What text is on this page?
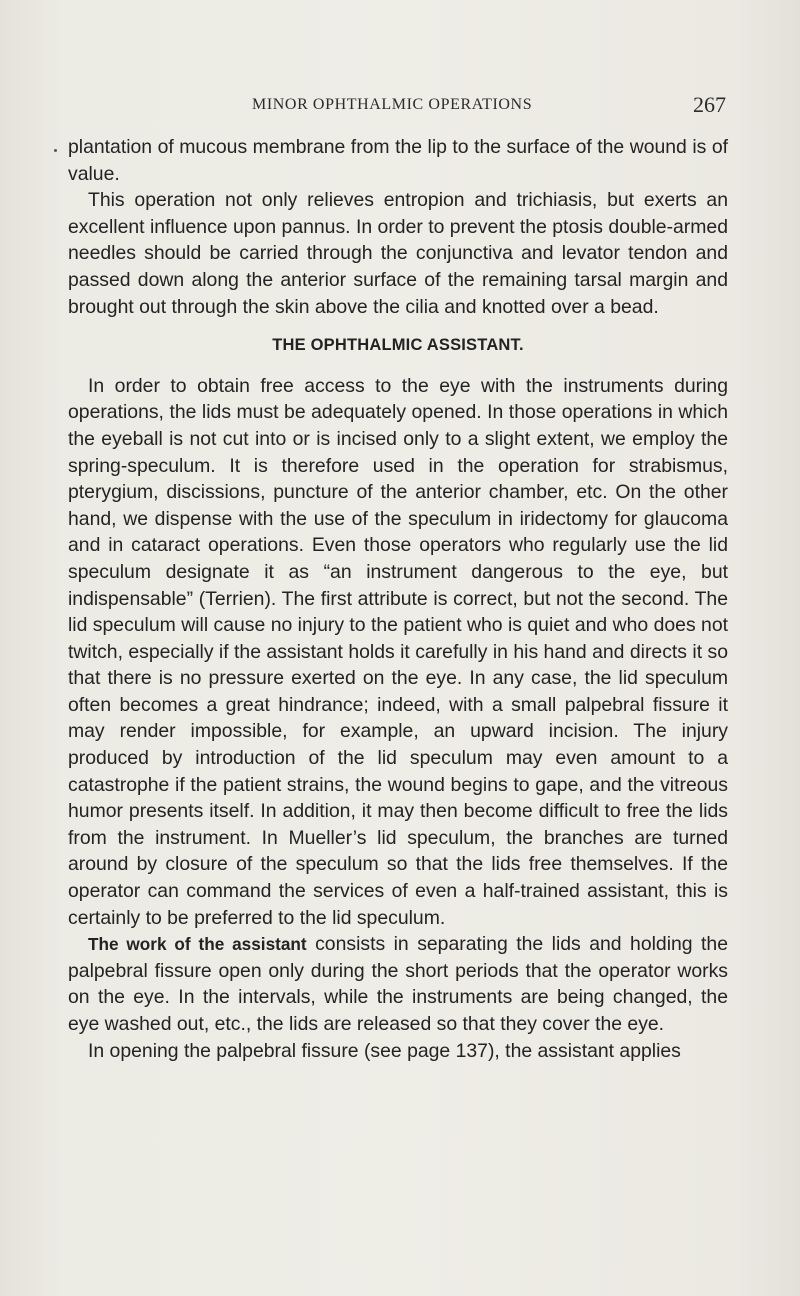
MINOR OPHTHALMIC OPERATIONS	267

plantation of mucous membrane from the lip to the surface of the wound is of value.

This operation not only relieves entropion and trichiasis, but exerts an excellent influence upon pannus. In order to prevent the ptosis double-armed needles should be carried through the conjunctiva and levator tendon and passed down along the anterior surface of the remaining tarsal margin and brought out through the skin above the cilia and knotted over a bead.

THE OPHTHALMIC ASSISTANT.

In order to obtain free access to the eye with the instruments during operations, the lids must be adequately opened. In those operations in which the eyeball is not cut into or is incised only to a slight extent, we employ the spring-speculum. It is therefore used in the operation for strabismus, pterygium, discissions, puncture of the anterior chamber, etc. On the other hand, we dispense with the use of the speculum in iridectomy for glaucoma and in cataract operations. Even those operators who regularly use the lid speculum designate it as “an instrument dangerous to the eye, but indispensable” (Terrien). The first attribute is correct, but not the second. The lid speculum will cause no injury to the patient who is quiet and who does not twitch, especially if the assistant holds it carefully in his hand and directs it so that there is no pressure exerted on the eye. In any case, the lid speculum often becomes a great hindrance; indeed, with a small palpebral fissure it may render impossible, for example, an upward incision. The injury produced by introduction of the lid speculum may even amount to a catastrophe if the patient strains, the wound begins to gape, and the vitreous humor presents itself. In addition, it may then become difficult to free the lids from the instrument. In Mueller’s lid speculum, the branches are turned around by closure of the speculum so that the lids free themselves. If the operator can command the services of even a half-trained assistant, this is certainly to be preferred to the lid speculum.

The work of the assistant consists in separating the lids and holding the palpebral fissure open only during the short periods that the operator works on the eye. In the intervals, while the instruments are being changed, the eye washed out, etc., the lids are released so that they cover the eye.

In opening the palpebral fissure (see page 137), the assistant applies
